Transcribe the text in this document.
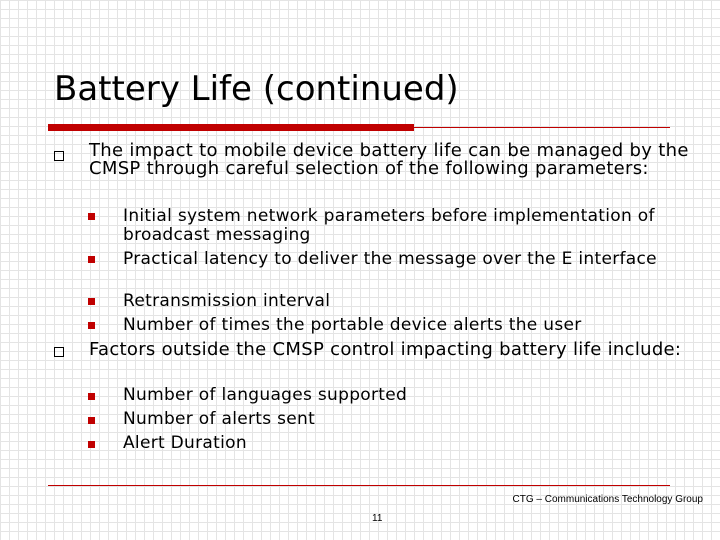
Battery Life (continued)
The impact to mobile device battery life can be managed by the CMSP through careful selection of the following parameters:
Initial system network parameters before implementation of broadcast messaging
Practical latency to deliver the message over the E interface
Retransmission interval
Number of times the portable device alerts the user
Factors outside the CMSP control impacting battery life include:
Number of languages supported
Number of alerts sent
Alert Duration
CTG – Communications Technology Group
11
